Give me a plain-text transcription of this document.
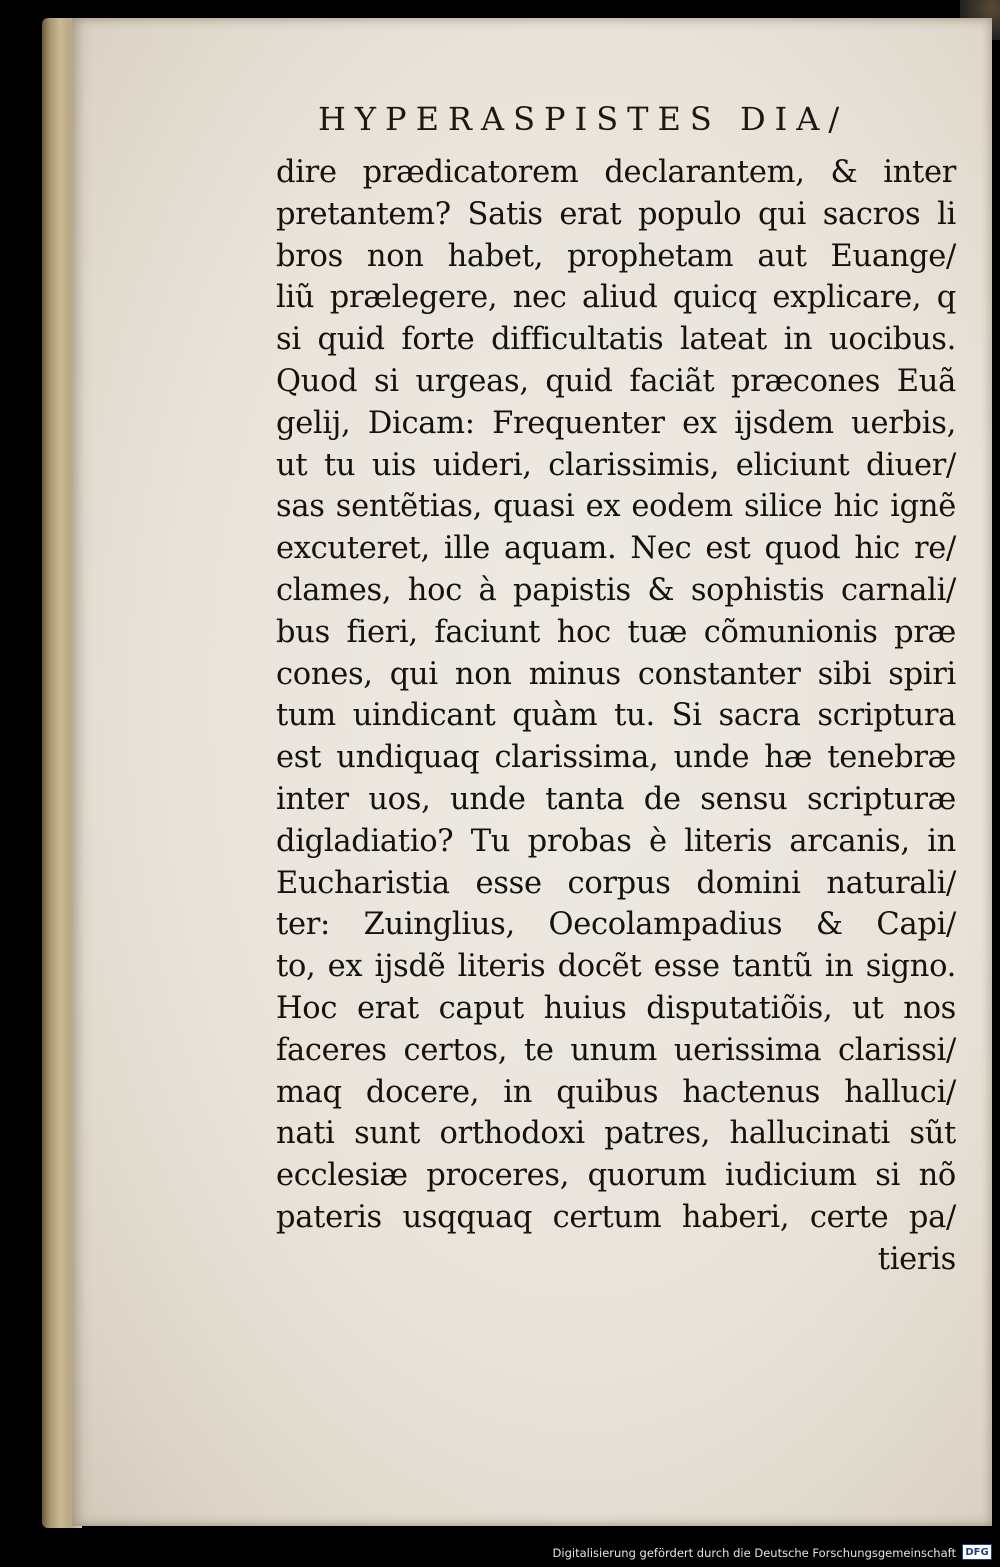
HYPERASPISTES DIA/
dire prædicatorem declarantem, & inter
pretantem? Satis erat populo qui sacros li
bros non habet, prophetam aut Euange/
liũ prælegere, nec aliud quicq explicare, q
si quid forte difficultatis lateat in uocibus.
Quod si urgeas, quid faciãt præcones Euã
gelij, Dicam: Frequenter ex ijsdem uerbis,
ut tu uis uideri, clarissimis, eliciunt diuer/
sas sentẽtias, quasi ex eodem silice hic ignẽ
excuteret, ille aquam. Nec est quod hic re/
clames, hoc à papistis & sophistis carnali/
bus fieri, faciunt hoc tuæ cõmunionis præ
cones, qui non minus constanter sibi spiri
tum uindicant quàm tu. Si sacra scriptura
est undiquaq clarissima, unde hæ tenebræ
inter uos, unde tanta de sensu scripturæ
digladiatio? Tu probas è literis arcanis, in
Eucharistia esse corpus domini naturali/
ter: Zuinglius, Oecolampadius & Capi/
to, ex ijsdẽ literis docẽt esse tantũ in signo.
Hoc erat caput huius disputatiõis, ut nos
faceres certos, te unum uerissima clarissi/
maq docere, in quibus hactenus halluci/
nati sunt orthodoxi patres, hallucinati sũt
ecclesiæ proceres, quorum iudicium si nõ
pateris usqquaq certum haberi, certe pa/
tieris
Digitalisierung gefördert durch die Deutsche Forschungsgemeinschaft DFG
